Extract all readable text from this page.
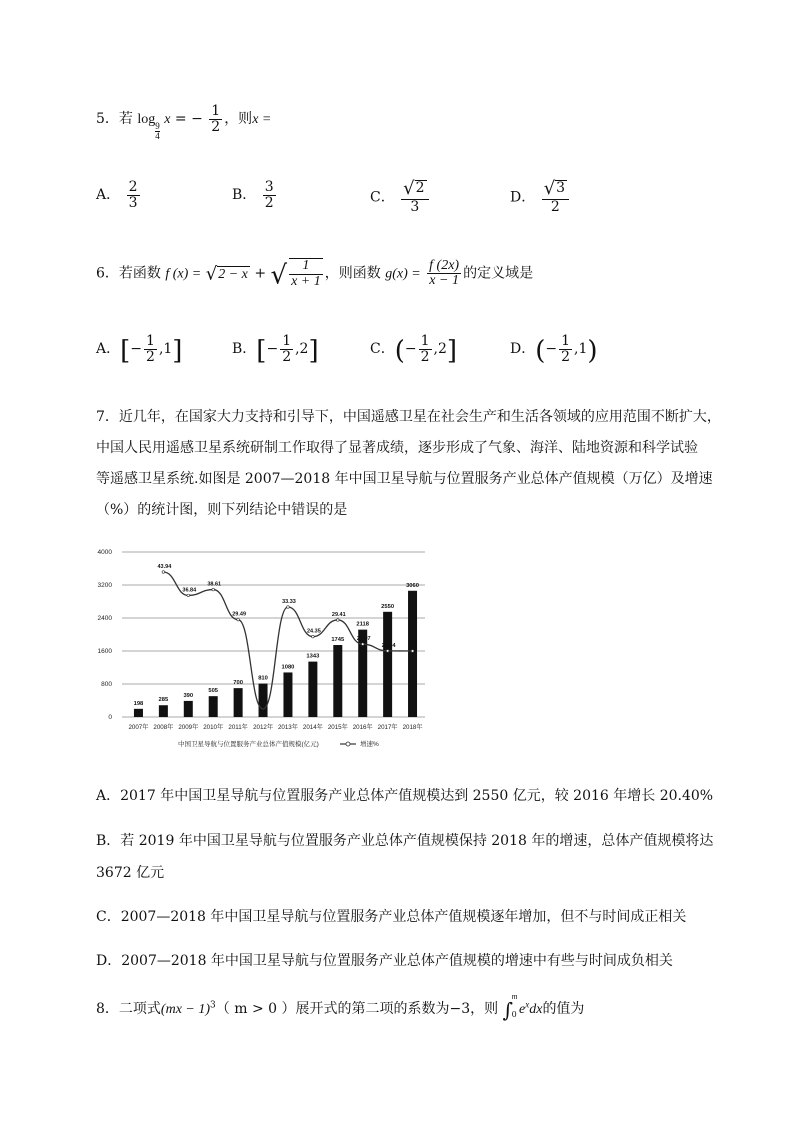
5．若 log
$\frac{9}{4}$
x = − $\frac{1}{2}$ ，则x =
A． $\frac{2}{3}$	B． $\frac{3}{2}$	C． $\frac{√2}{3}$	D． $\frac{√3}{2}$
6．若函数 f (x) = √2 − x + √ $\frac{1}{x + 1}$ ，则函数 $g(x) = \frac{f (2x)}{x - 1}$ 的定义域是
A．[− $\frac{1}{2} ,1$]	B．[− $\frac{1}{2} ,2$]	C．(− $\frac{1}{2} ,2$]	D．(− $\frac{1}{2} ,1$)
7．近几年，在国家大力支持和引导下，中国遥感卫星在社会生产和生活各领域的应用范围不断扩大，
中国人民用遥感卫星系统研制工作取得了显著成绩，逐步形成了气象、海洋、陆地资源和科学试验
等遥感卫星系统.如图是 2007—2018 年中国卫星导航与位置服务产业总体产值规模（万亿）及增速
（%）的统计图，则下列结论中错误的是
198
285
390
505
700
810
1080
1343
1745
2118
2550
3060
43.94
36.84
38.61
29.49
33.33
24.35
29.41
22.07
20.04	20
2007年 2008年 2009年 2010年 2011年 2012年 2013年 2014年 2015年 2016年 2017年 2018年
0
800
1600
2400
3200
4000
中国卫星导航与位置服务产业总体产值规模(亿元)	增速%
A．2017 年中国卫星导航与位置服务产业总体产值规模达到 2550 亿元，较 2016 年增长 20.40%
B．若 2019 年中国卫星导航与位置服务产业总体产值规模保持 2018 年的增速，总体产值规模将达
3672 亿元
C．2007—2018 年中国卫星导航与位置服务产业总体产值规模逐年增加，但不与时间成正相关
D．2007—2018 年中国卫星导航与位置服务产业总体产值规模的增速中有些与时间成负相关
8．二项式(mx − 1)$^3$（ m > 0 ）展开式的第二项的系数为−3，则 ∫
m
0 $e^xdx$的值为
